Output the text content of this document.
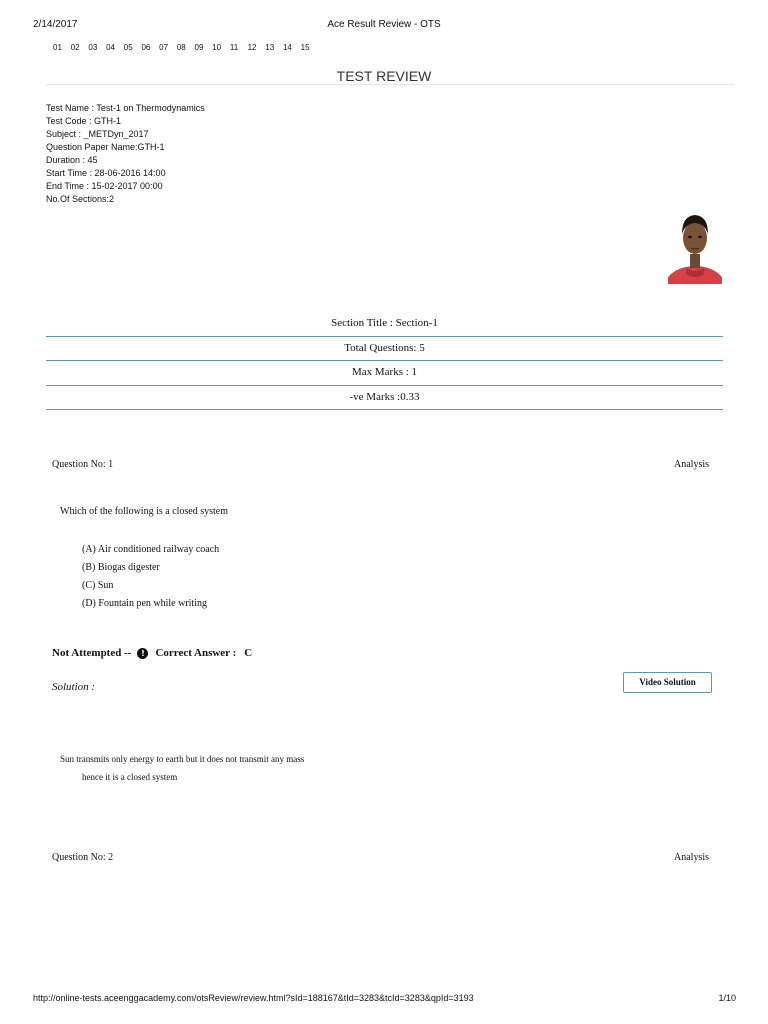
2/14/2017	Ace Result Review - OTS
01	02	03	04	05	06	07	08	09	10	11	12	13	14	15
TEST REVIEW
Test Name : Test-1 on Thermodynamics
Test Code : GTH-1
Subject : _METDyn_2017
Question Paper Name:GTH-1
Duration : 45
Start Time : 28-06-2016 14:00
End Time : 15-02-2017 00:00
No.Of Sections:2
Section Title : Section-1
Total Questions: 5
Max Marks : 1
-ve Marks :0.33
Question No: 1	Analysis
Which of the following is a closed system
(A) Air conditioned railway coach
(B) Biogas digester
(C) Sun
(D) Fountain pen while writing
Not Attempted --	! Correct Answer : C
Solution :	Video Solution
Sun transmits only energy to earth but it does not transmit any mass
hence it is a closed system
Question No: 2	Analysis
http://online-tests.aceenggacademy.com/otsReview/review.html?sId=188167&tId=3283&tcId=3283&qpId=3193	1/10
